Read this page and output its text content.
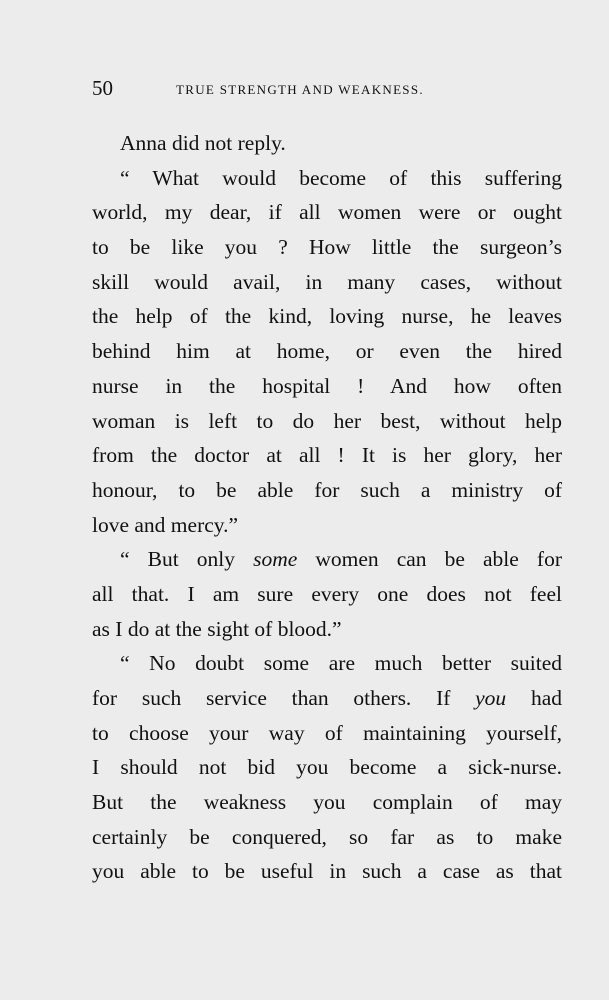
50	TRUE STRENGTH AND WEAKNESS.
Anna did not reply.
“ What would become of this suffering
world, my dear, if all women were or ought
to be like you ? How little the surgeon’s
skill would avail, in many cases, without
the help of the kind, loving nurse, he leaves
behind him at home, or even the hired
nurse in the hospital ! And how often
woman is left to do her best, without help
from the doctor at all ! It is her glory, her
honour, to be able for such a ministry of
love and mercy.”
“ But only some women can be able for
all that. I am sure every one does not feel
as I do at the sight of blood.”
“ No doubt some are much better suited
for such service than others. If you had
to choose your way of maintaining yourself,
I should not bid you become a sick-nurse.
But the weakness you complain of may
certainly be conquered, so far as to make
you able to be useful in such a case as that
